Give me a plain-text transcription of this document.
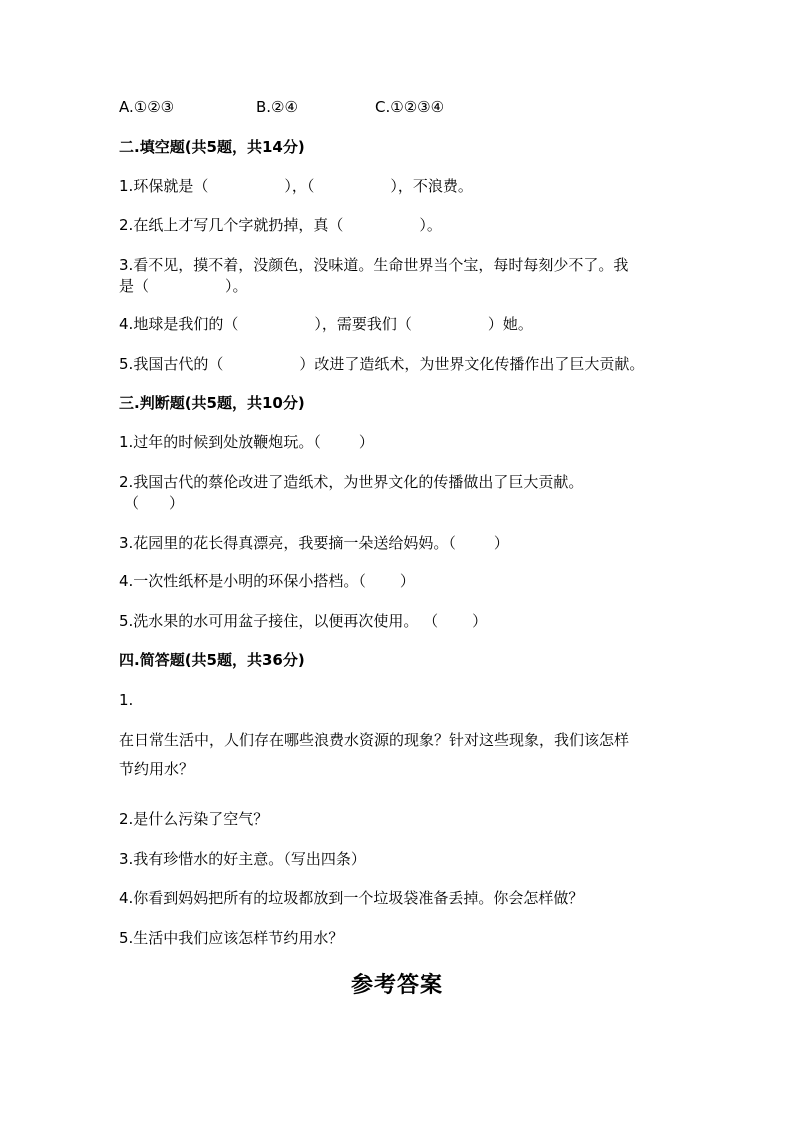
A.①②③	B.②④	C.①②③④

二.填空题(共5题，共14分)

1.环保就是（	），（	），不浪费。

2.在纸上才写几个字就扔掉，真（	）。

3.看不见，摸不着，没颜色，没味道。生命世界当个宝，每时每刻少不了。我

是（	）。

4.地球是我们的（	），需要我们（	）她。

5.我国古代的（	）改进了造纸术，为世界文化传播作出了巨大贡献。

三.判断题(共5题，共10分)

1.过年的时候到处放鞭炮玩。（	）

2.我国古代的蔡伦改进了造纸术，为世界文化的传播做出了巨大贡献。

（ ）

3.花园里的花长得真漂亮，我要摘一朵送给妈妈。（	）

4.一次性纸杯是小明的环保小搭档。（ ）

5.洗水果的水可用盆子接住，以便再次使用。 （ ）

四.简答题(共5题，共36分)

1.

在日常生活中，人们存在哪些浪费水资源的现象？针对这些现象，我们该怎样

节约用水？

2.是什么污染了空气？

3.我有珍惜水的好主意。（写出四条）

4.你看到妈妈把所有的垃圾都放到一个垃圾袋准备丢掉。你会怎样做？

5.生活中我们应该怎样节约用水？

参考答案
